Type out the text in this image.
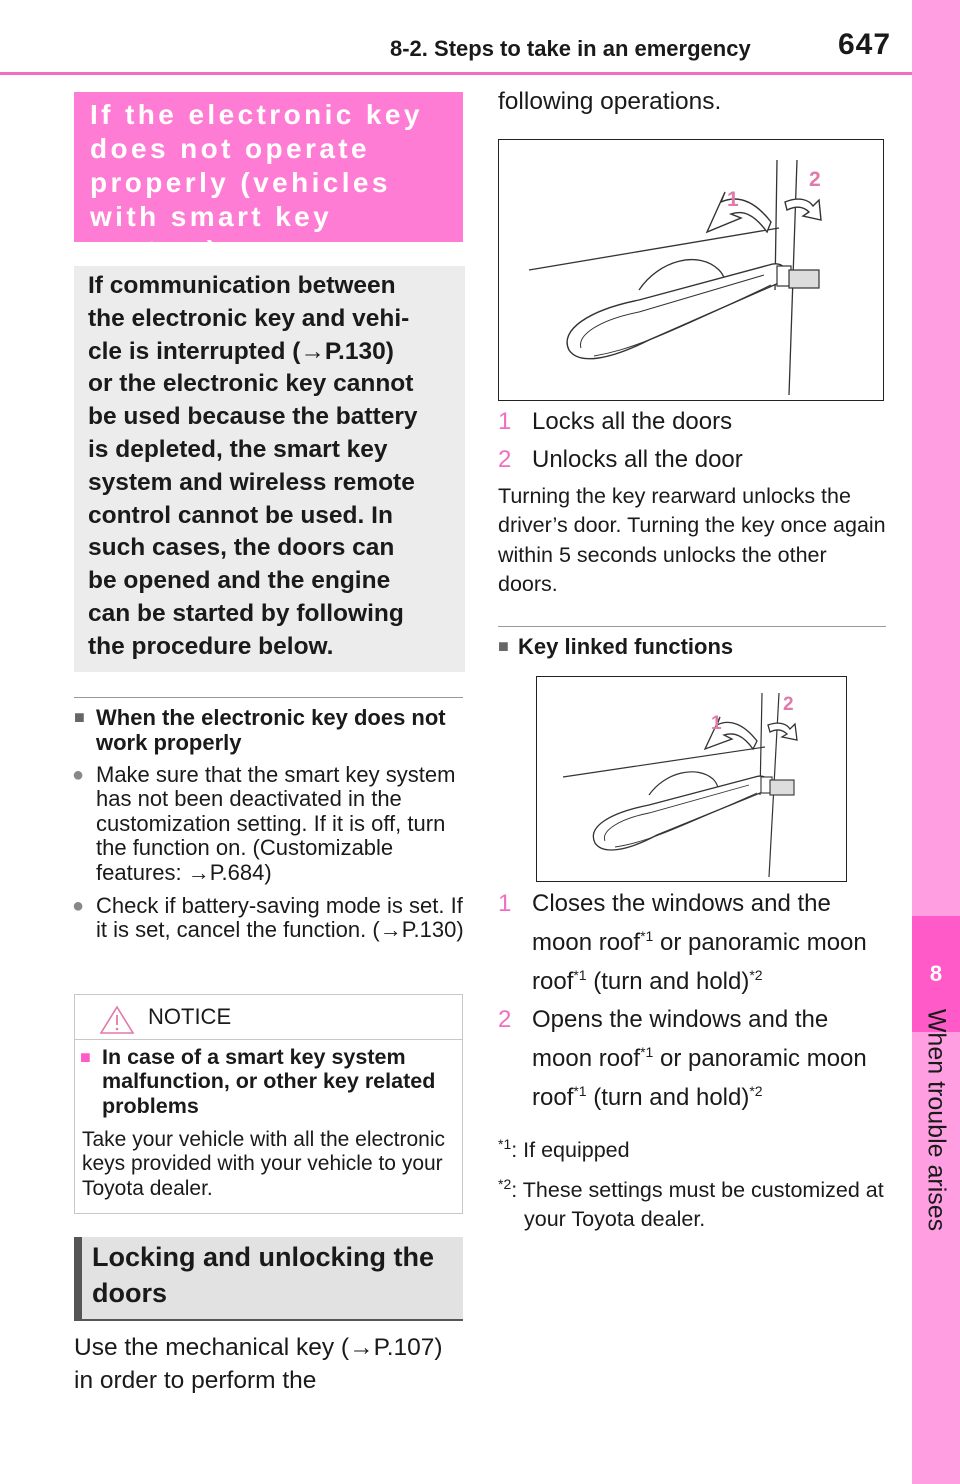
8-2. Steps to take in an emergency	647
8
When trouble arises
If the electronic key does not operate properly (vehicles with smart key system)
If communication between
the electronic key and vehi-
cle is interrupted (→P.130)
or the electronic key cannot
be used because the battery
is depleted, the smart key
system and wireless remote
control cannot be used. In
such cases, the doors can
be opened and the engine
can be started by following
the procedure below.
■ When the electronic key does not work properly
● Make sure that the smart key system has not been deactivated in the customization setting. If it is off, turn the function on. (Customizable features: →P.684)
● Check if battery-saving mode is set. If it is set, cancel the function. (→P.130)
NOTICE
■ In case of a smart key system malfunction, or other key related problems
Take your vehicle with all the electronic keys provided with your vehicle to your Toyota dealer.
Locking and unlocking the doors
Use the mechanical key (→P.107) in order to perform the
following operations.
1
2
1 Locks all the doors
2 Unlocks all the door
Turning the key rearward unlocks the driver’s door. Turning the key once again within 5 seconds unlocks the other doors.
■ Key linked functions
1
2
1 Closes the windows and the
moon roof$^{*1}$ or panoramic moon
roof$^{*1}$ (turn and hold)$^{*2}$
2 Opens the windows and the
moon roof$^{*1}$ or panoramic moon
roof$^{*1}$ (turn and hold)$^{*2}$
$^{*1}$: If equipped
$^{*2}$: These settings must be customized at your Toyota dealer.
